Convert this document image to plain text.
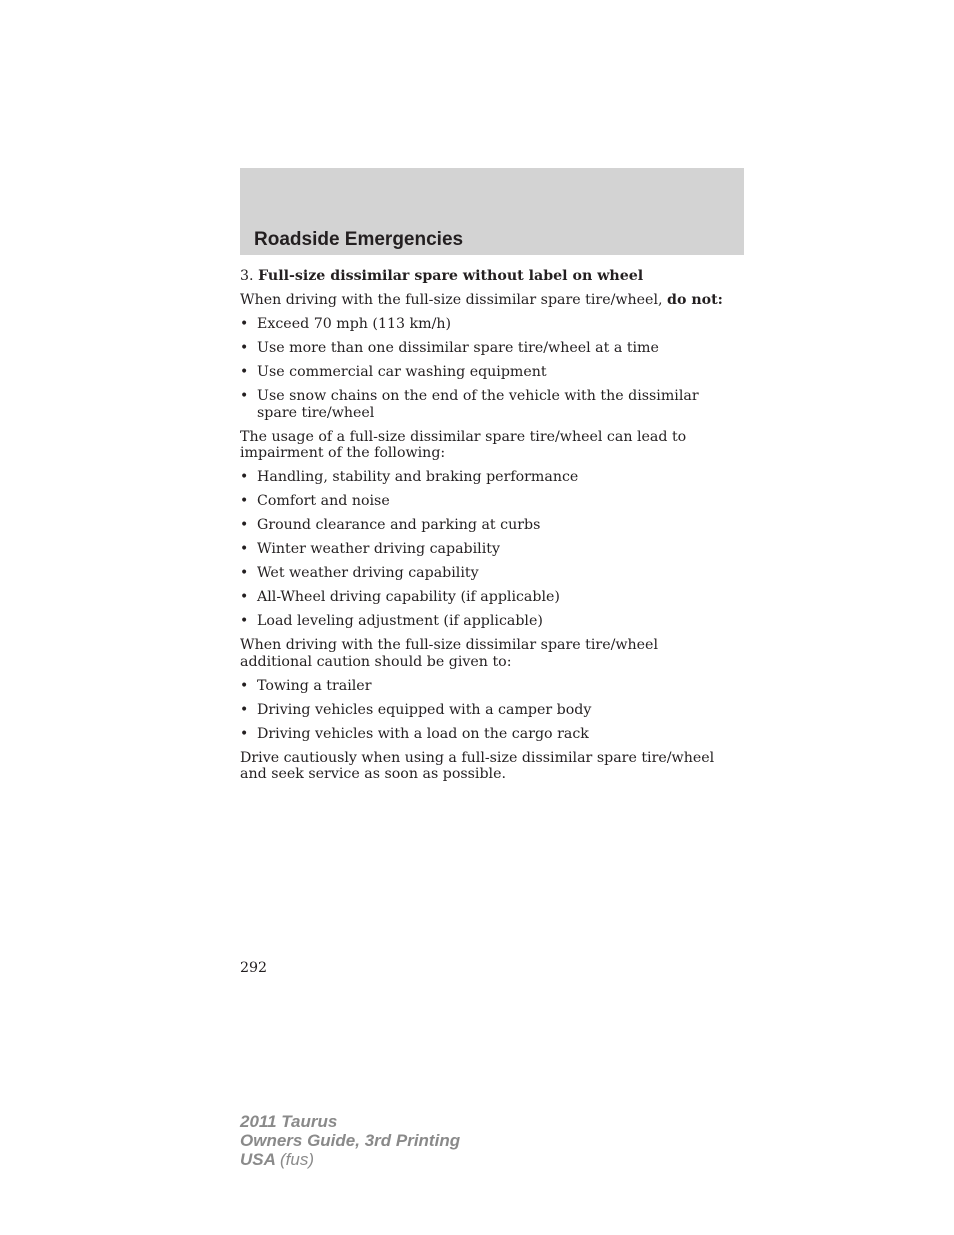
Roadside Emergencies

3. Full-size dissimilar spare without label on wheel

When driving with the full-size dissimilar spare tire/wheel, do not:

• Exceed 70 mph (113 km/h)
• Use more than one dissimilar spare tire/wheel at a time
• Use commercial car washing equipment
• Use snow chains on the end of the vehicle with the dissimilar spare tire/wheel

The usage of a full-size dissimilar spare tire/wheel can lead to impairment of the following:

• Handling, stability and braking performance
• Comfort and noise
• Ground clearance and parking at curbs
• Winter weather driving capability
• Wet weather driving capability
• All-Wheel driving capability (if applicable)
• Load leveling adjustment (if applicable)

When driving with the full-size dissimilar spare tire/wheel additional caution should be given to:

• Towing a trailer
• Driving vehicles equipped with a camper body
• Driving vehicles with a load on the cargo rack

Drive cautiously when using a full-size dissimilar spare tire/wheel and seek service as soon as possible.

292
2011 Taurus
Owners Guide, 3rd Printing
USA (fus)
